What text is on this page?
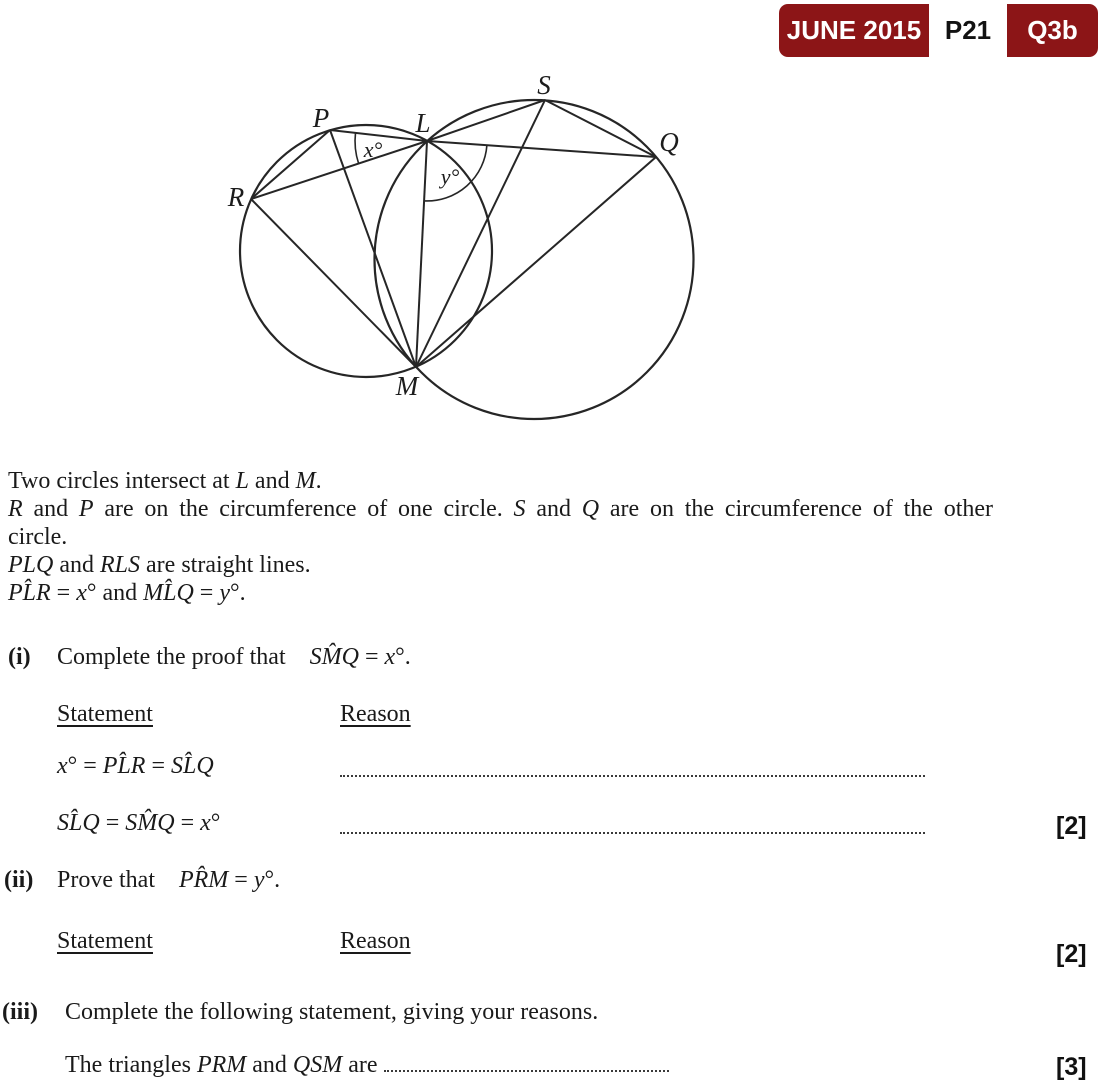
JUNE 2015 P21	Q3b
P	L
S
Q
R
M
x°
y°
Two circles intersect at L and M.
R and P are on the circumference of one circle. S and Q are on the circumference of the other
circle.
PLQ and RLS are straight lines.
PL̂R = x° and ML̂Q = y°.
(i) Complete the proof that SM̂Q = x°.
Statement	Reason
x° = PL̂R = SL̂Q
SL̂Q = SM̂Q = x°	[2]
(ii) Prove that PR̂M = y°.
Statement	Reason	[2]
(iii) Complete the following statement, giving your reasons.
The triangles PRM and QSM are	[3]
